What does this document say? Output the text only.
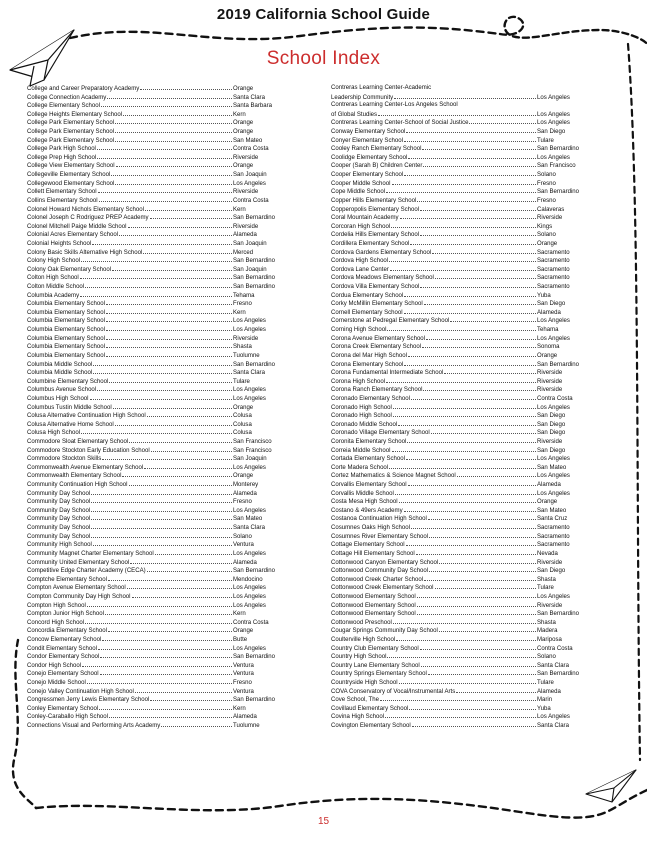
2019 California School Guide
School Index
College and Career Preparatory Academy	Orange
College Connection Academy	Santa Clara
College Elementary School	Santa Barbara
College Heights Elementary School	Kern
College Park Elementary School	Orange
College Park Elementary School	Orange
College Park Elementary School	San Mateo
College Park High School	Contra Costa
College Prep High School	Riverside
College View Elementary School	Orange
Collegeville Elementary School	San Joaquin
Collegewood Elementary School	Los Angeles
Collett Elementary School	Riverside
Collins Elementary School	Contra Costa
Colonel Howard Nichols Elementary School	Kern
Colonel Joseph C Rodriguez PREP Academy	San Bernardino
Colonel Mitchell Paige Middle School	Riverside
Colonial Acres Elementary School	Alameda
Colonial Heights School	San Joaquin
Colony Basic Skills Alternative High School	Merced
Colony High School	San Bernardino
Colony Oak Elementary School	San Joaquin
Colton High School	San Bernardino
Colton Middle School	San Bernardino
Columbia Academy	Tehama
Columbia Elementary School	Fresno
Columbia Elementary School	Kern
Columbia Elementary School	Los Angeles
Columbia Elementary School	Los Angeles
Columbia Elementary School	Riverside
Columbia Elementary School	Shasta
Columbia Elementary School	Tuolumne
Columbia Middle School	San Bernardino
Columbia Middle School	Santa Clara
Columbine Elementary School	Tulare
Columbus Avenue School	Los Angeles
Columbus High School	Los Angeles
Columbus Tustin Middle School	Orange
Colusa Alternative Continuation High School	Colusa
Colusa Alternative Home School	Colusa
Colusa High School	Colusa
Commodore Sloat Elementary School	San Francisco
Commodore Stockton Early Education School	San Francisco
Commodore Stockton Skills	San Joaquin
Commonwealth Avenue Elementary School	Los Angeles
Commonwealth Elementary School	Orange
Community Continuation High School	Monterey
Community Day School	Alameda
Community Day School	Fresno
Community Day School	Los Angeles
Community Day School	San Mateo
Community Day School	Santa Clara
Community Day School	Solano
Community High School	Ventura
Community Magnet Charter Elementary School	Los Angeles
Community United Elementary School	Alameda
Competitive Edge Charter Academy (CECA)	San Bernardino
Comptche Elementary School	Mendocino
Compton Avenue Elementary School	Los Angeles
Compton Community Day High School	Los Angeles
Compton High School	Los Angeles
Compton Junior High School	Kern
Concord High School	Contra Costa
Concordia Elementary School	Orange
Concow Elementary School	Butte
Condit Elementary School	Los Angeles
Condor Elementary School	San Bernardino
Condor High School	Ventura
Conejo Elementary School	Ventura
Conejo Middle School	Fresno
Conejo Valley Continuation High School	Ventura
Congressmen Jerry Lewis Elementary School	San Bernardino
Conley Elementary School	Kern
Conley-Caraballo High School	Alameda
Connections Visual and Performing Arts Academy	Tuolumne
Contreras Learning Center-Academic
Leadership Community	Los Angeles
Contreras Learning Center-Los Angeles School
of Global Studies	Los Angeles
Contreras Learning Center-School of Social Justice	Los Angeles
Conway Elementary School	San Diego
Conyer Elementary School	Tulare
Cooley Ranch Elementary School	San Bernardino
Coolidge Elementary School	Los Angeles
Cooper (Sarah B) Children Center	San Francisco
Cooper Elementary School	Solano
Cooper Middle School	Fresno
Cope Middle School	San Bernardino
Copper Hills Elementary School	Fresno
Copperopolis Elementary School	Calaveras
Coral Mountain Academy	Riverside
Corcoran High School	Kings
Cordelia Hills Elementary School	Solano
Cordillera Elementary School	Orange
Cordova Gardens Elementary School	Sacramento
Cordova High School	Sacramento
Cordova Lane Center	Sacramento
Cordova Meadows Elementary School	Sacramento
Cordova Villa Elementary School	Sacramento
Cordua Elementary School	Yuba
Corky McMillin Elementary School	San Diego
Cornell Elementary School	Alameda
Cornerstone at Pedregal Elementary School	Los Angeles
Corning High School	Tehama
Corona Avenue Elementary School	Los Angeles
Corona Creek Elementary School	Sonoma
Corona del Mar High School	Orange
Corona Elementary School	San Bernardino
Corona Fundamental Intermediate School	Riverside
Corona High School	Riverside
Corona Ranch Elementary School	Riverside
Coronado Elementary School	Contra Costa
Coronado High School	Los Angeles
Coronado High School	San Diego
Coronado Middle School	San Diego
Coronado Village Elementary School	San Diego
Coronita Elementary School	Riverside
Correia Middle School	San Diego
Cortada Elementary School	Los Angeles
Corte Madera School	San Mateo
Cortez Mathematics & Science Magnet School	Los Angeles
Corvallis Elementary School	Alameda
Corvallis Middle School	Los Angeles
Costa Mesa High School	Orange
Costano & 49ers Academy	San Mateo
Costanoa Continuation High School	Santa Cruz
Cosumnes Oaks High School	Sacramento
Cosumnes River Elementary School	Sacramento
Cottage Elementary School	Sacramento
Cottage Hill Elementary School	Nevada
Cottonwood Canyon Elementary School	Riverside
Cottonwood Community Day School	San Diego
Cottonwood Creek Charter School	Shasta
Cottonwood Creek Elementary School	Tulare
Cottonwood Elementary School	Los Angeles
Cottonwood Elementary School	Riverside
Cottonwood Elementary School	San Bernardino
Cottonwood Preschool	Shasta
Cougar Springs Community Day School	Madera
Coulterville High School	Mariposa
Country Club Elementary School	Contra Costa
Country High School	Solano
Country Lane Elementary School	Santa Clara
Country Springs Elementary School	San Bernardino
Countryside High School	Tulare
COVA Conservatory of Vocal/Instrumental Arts	Alameda
Cove School, The	Marin
Covillaud Elementary School	Yuba
Covina High School	Los Angeles
Covington Elementary School	Santa Clara
15
